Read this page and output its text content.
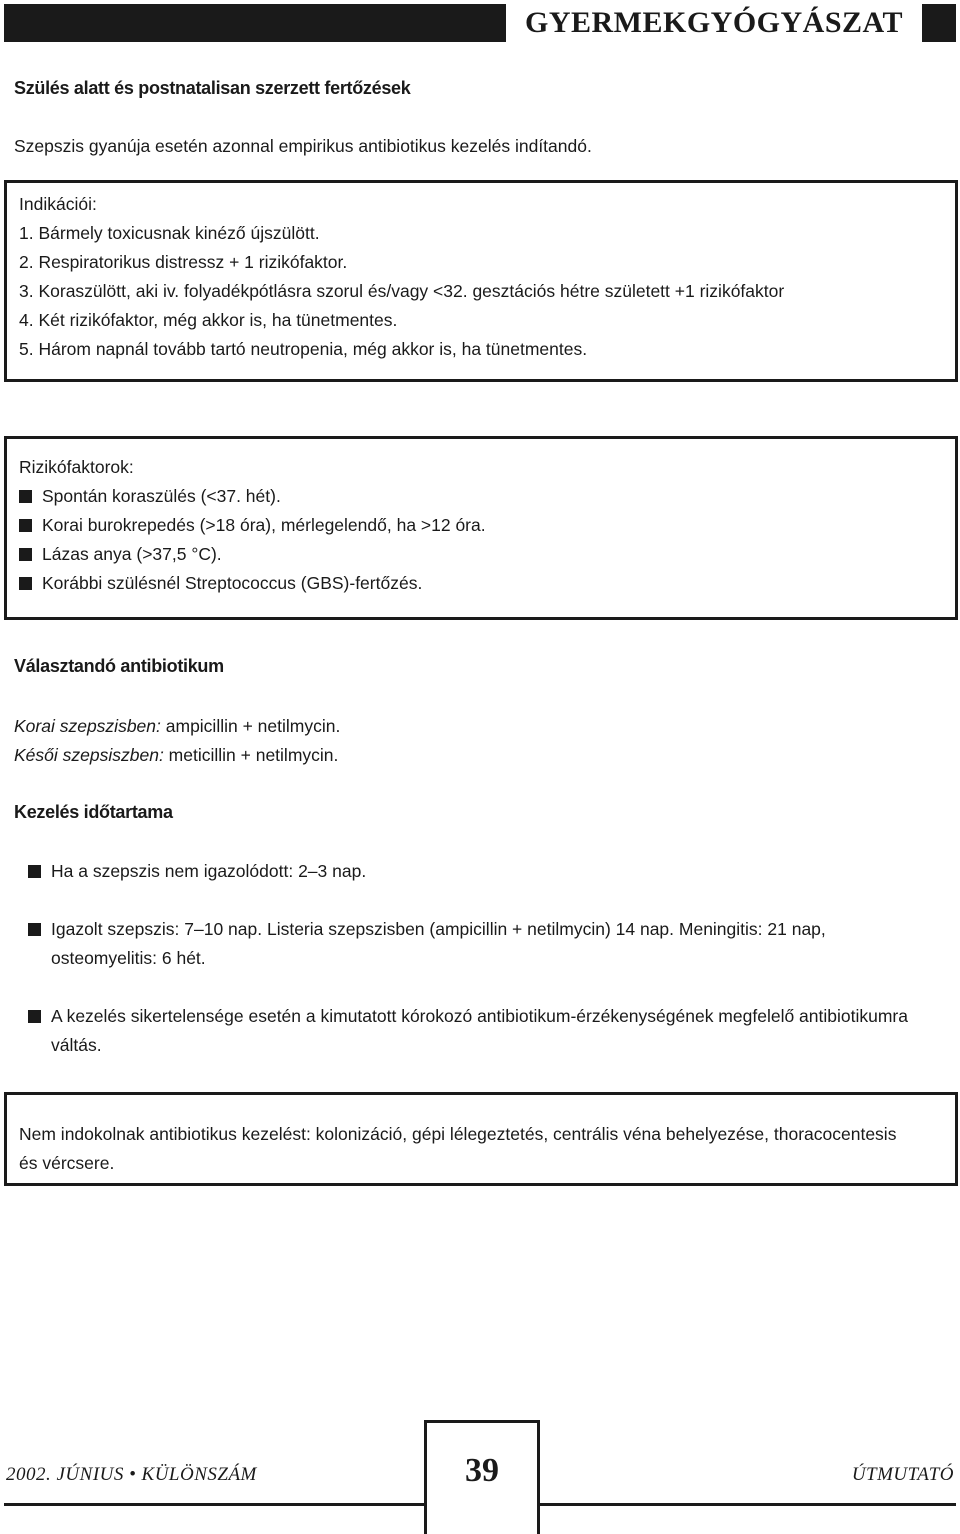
GYERMEKGYÓGYÁSZAT
Szülés alatt és postnatalisan szerzett fertőzések
Szepszis gyanúja esetén azonnal empirikus antibiotikus kezelés indítandó.
Indikációi:
1. Bármely toxicusnak kinéző újszülött.
2. Respiratorikus distressz + 1 rizikófaktor.
3. Koraszülött, aki iv. folyadékpótlásra szorul és/vagy <32. gesztációs hétre született +1 rizikófaktor
4. Két rizikófaktor, még akkor is, ha tünetmentes.
5. Három napnál tovább tartó neutropenia, még akkor is, ha tünetmentes.
Rizikófaktorok:
Spontán koraszülés (<37. hét).
Korai burokrepedés (>18 óra), mérlegelendő, ha >12 óra.
Lázas anya (>37,5 °C).
Korábbi szülésnél Streptococcus (GBS)-fertőzés.
Választandó antibiotikum
Korai szepszisben: ampicillin + netilmycin.
Késői szepsiszben: meticillin + netilmycin.
Kezelés időtartama
Ha a szepszis nem igazolódott: 2–3 nap.
Igazolt szepszis: 7–10 nap. Listeria szepszisben (ampicillin + netilmycin) 14 nap. Meningitis: 21 nap, osteomyelitis: 6 hét.
A kezelés sikertelensége esetén a kimutatott kórokozó antibiotikum-érzékenységének megfelelő antibiotikumra váltás.
Nem indokolnak antibiotikus kezelést: kolonizáció, gépi lélegeztetés, centrális véna behelyezése, thoracocentesis és vércsere.
39
2002. JÚNIUS • KÜLÖNSZÁM	ÚTMUTATÓ
